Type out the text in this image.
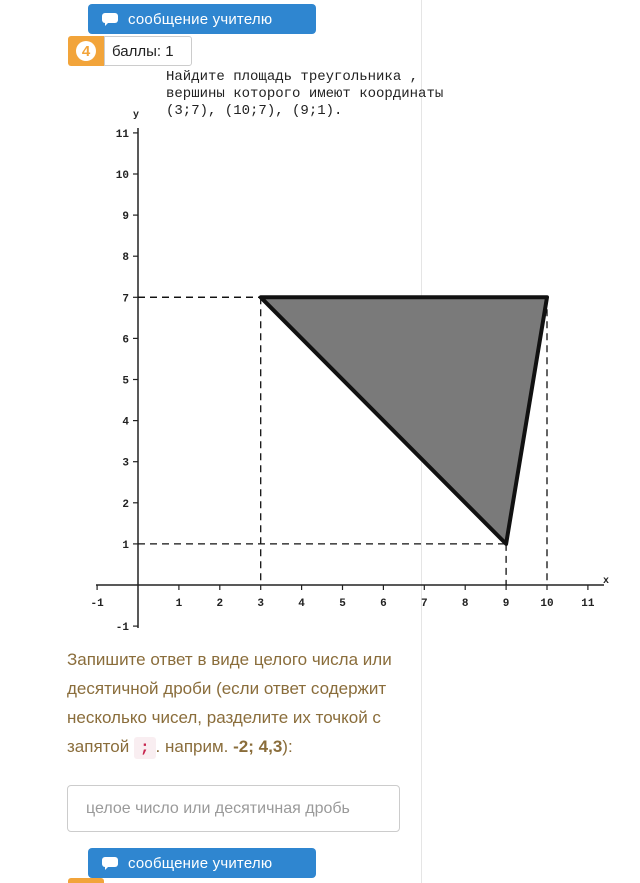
сообщение учителю
4	баллы: 1
Найдите площадь треугольника ,
вершины которого имеют координаты
(3;7), (10;7), (9;1).
x
y
-1	1	2	3	4	5	6	7	8	9	10	11
-1
1
2
3
4
5
6
7
8
9
10
11
Запишите ответ в виде целого числа или десятичной дроби (если ответ содержит несколько чисел, разделите их точкой с запятой ; . наприм. -2; 4,3):
целое число или десятичная дробь
сообщение учителю
